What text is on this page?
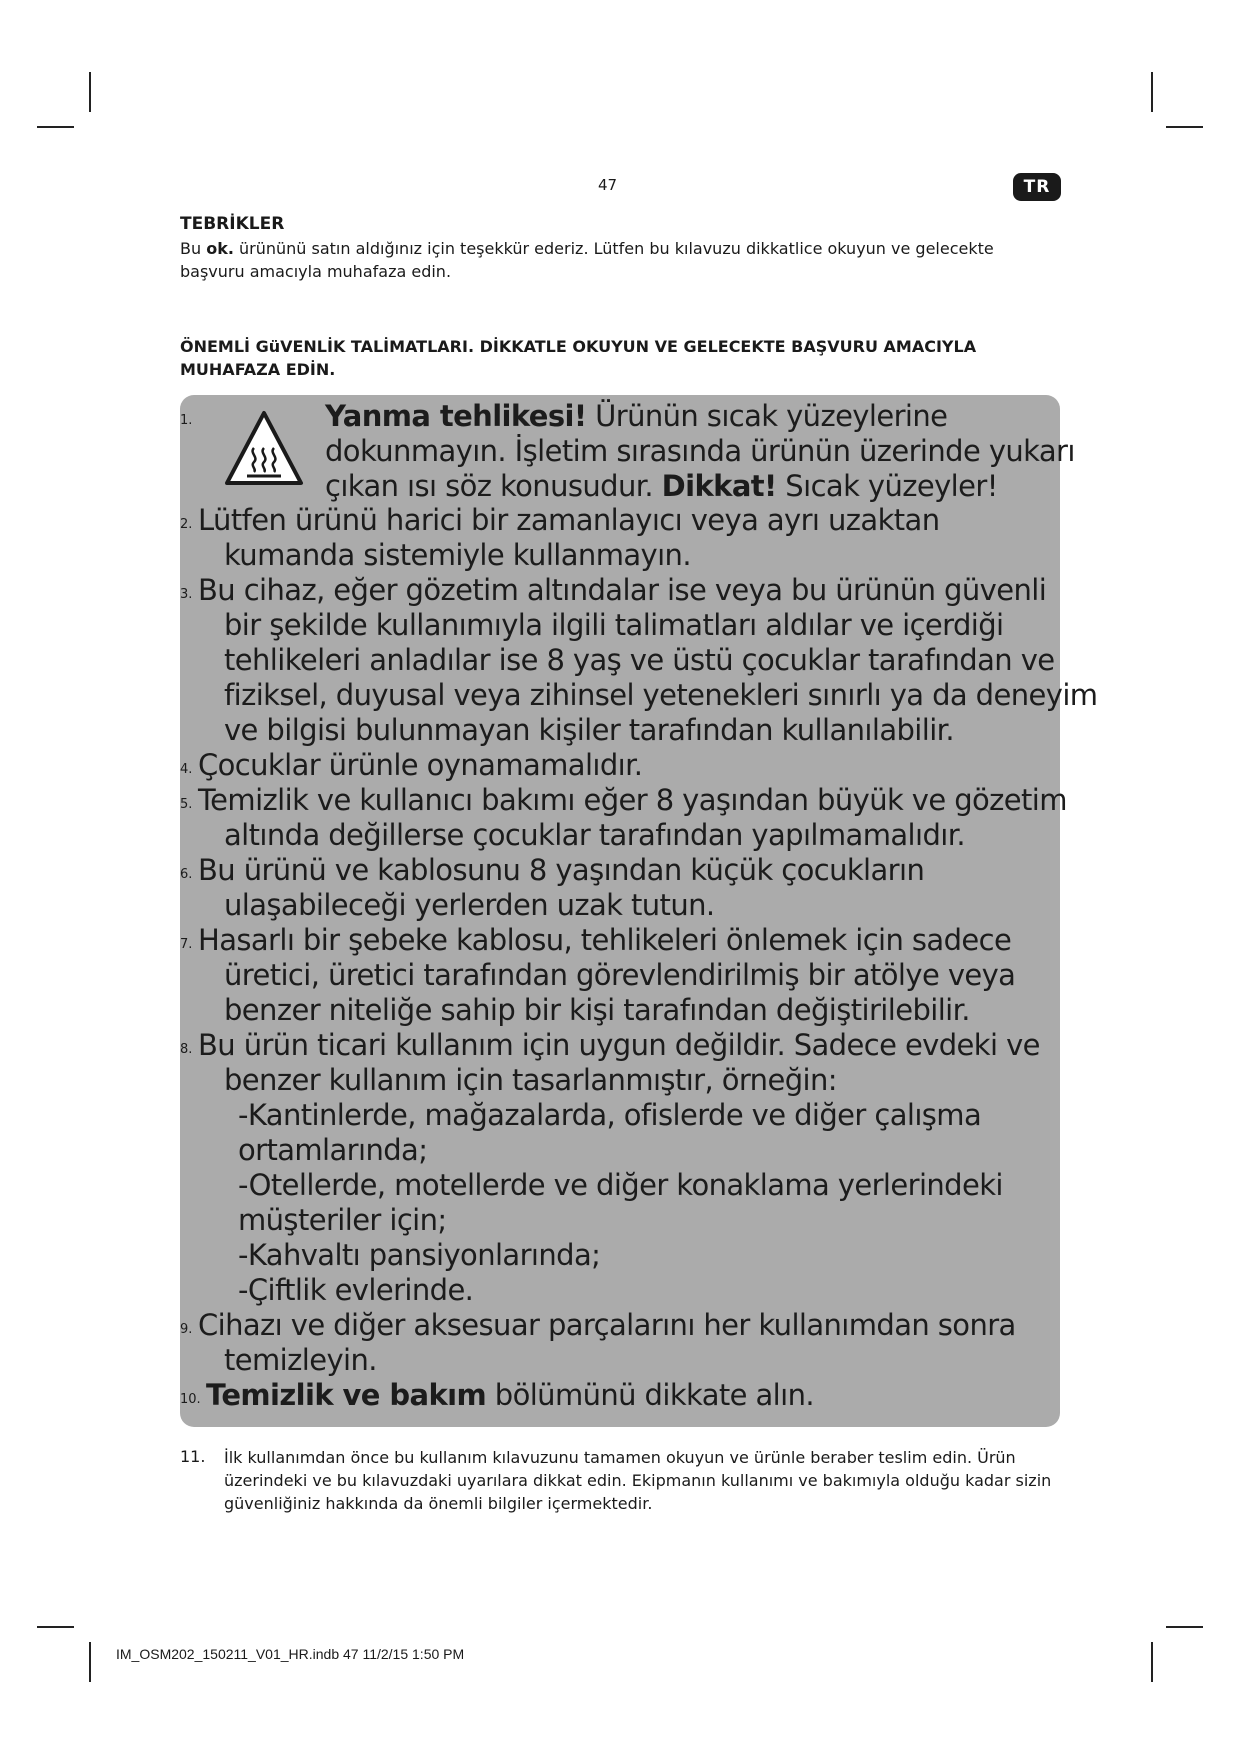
47	TR
TEBRİKLER
Bu ok. ürününü satın aldığınız için teşekkür ederiz. Lütfen bu kılavuzu dikkatlice okuyun ve gelecekte başvuru amacıyla muhafaza edin.
ÖNEMLİ GüVENLİK TALİMATLARI. DİKKATLE OKUYUN VE GELECEKTE BAŞVURU AMACIYLA MUHAFAZA EDİN.
1.	Yanma tehlikesi! Ürünün sıcak yüzeylerine
dokunmayın. İşletim sırasında ürünün üzerinde yukarı
çıkan ısı söz konusudur. Dikkat! Sıcak yüzeyler!
2. Lütfen ürünü harici bir zamanlayıcı veya ayrı uzaktan
kumanda sistemiyle kullanmayın.
3. Bu cihaz, eğer gözetim altındalar ise veya bu ürünün güvenli
bir şekilde kullanımıyla ilgili talimatları aldılar ve içerdiği
tehlikeleri anladılar ise 8 yaş ve üstü çocuklar tarafından ve
fiziksel, duyusal veya zihinsel yetenekleri sınırlı ya da deneyim
ve bilgisi bulunmayan kişiler tarafından kullanılabilir.
4. Çocuklar ürünle oynamamalıdır.
5. Temizlik ve kullanıcı bakımı eğer 8 yaşından büyük ve gözetim
altında değillerse çocuklar tarafından yapılmamalıdır.
6. Bu ürünü ve kablosunu 8 yaşından küçük çocukların
ulaşabileceği yerlerden uzak tutun.
7. Hasarlı bir şebeke kablosu, tehlikeleri önlemek için sadece
üretici, üretici tarafından görevlendirilmiş bir atölye veya
benzer niteliğe sahip bir kişi tarafından değiştirilebilir.
8. Bu ürün ticari kullanım için uygun değildir. Sadece evdeki ve
benzer kullanım için tasarlanmıştır, örneğin:
-Kantinlerde, mağazalarda, ofislerde ve diğer çalışma
ortamlarında;
-Otellerde, motellerde ve diğer konaklama yerlerindeki
müşteriler için;
-Kahvaltı pansiyonlarında;
-Çiftlik evlerinde.
9. Cihazı ve diğer aksesuar parçalarını her kullanımdan sonra
temizleyin.
10. Temizlik ve bakım bölümünü dikkate alın.
11. İlk kullanımdan önce bu kullanım kılavuzunu tamamen okuyun ve ürünle beraber teslim edin. Ürün üzerindeki ve bu kılavuzdaki uyarılara dikkat edin. Ekipmanın kullanımı ve bakımıyla olduğu kadar sizin güvenliğiniz hakkında da önemli bilgiler içermektedir.
IM_OSM202_150211_V01_HR.indb 47 11/2/15 1:50 PM
